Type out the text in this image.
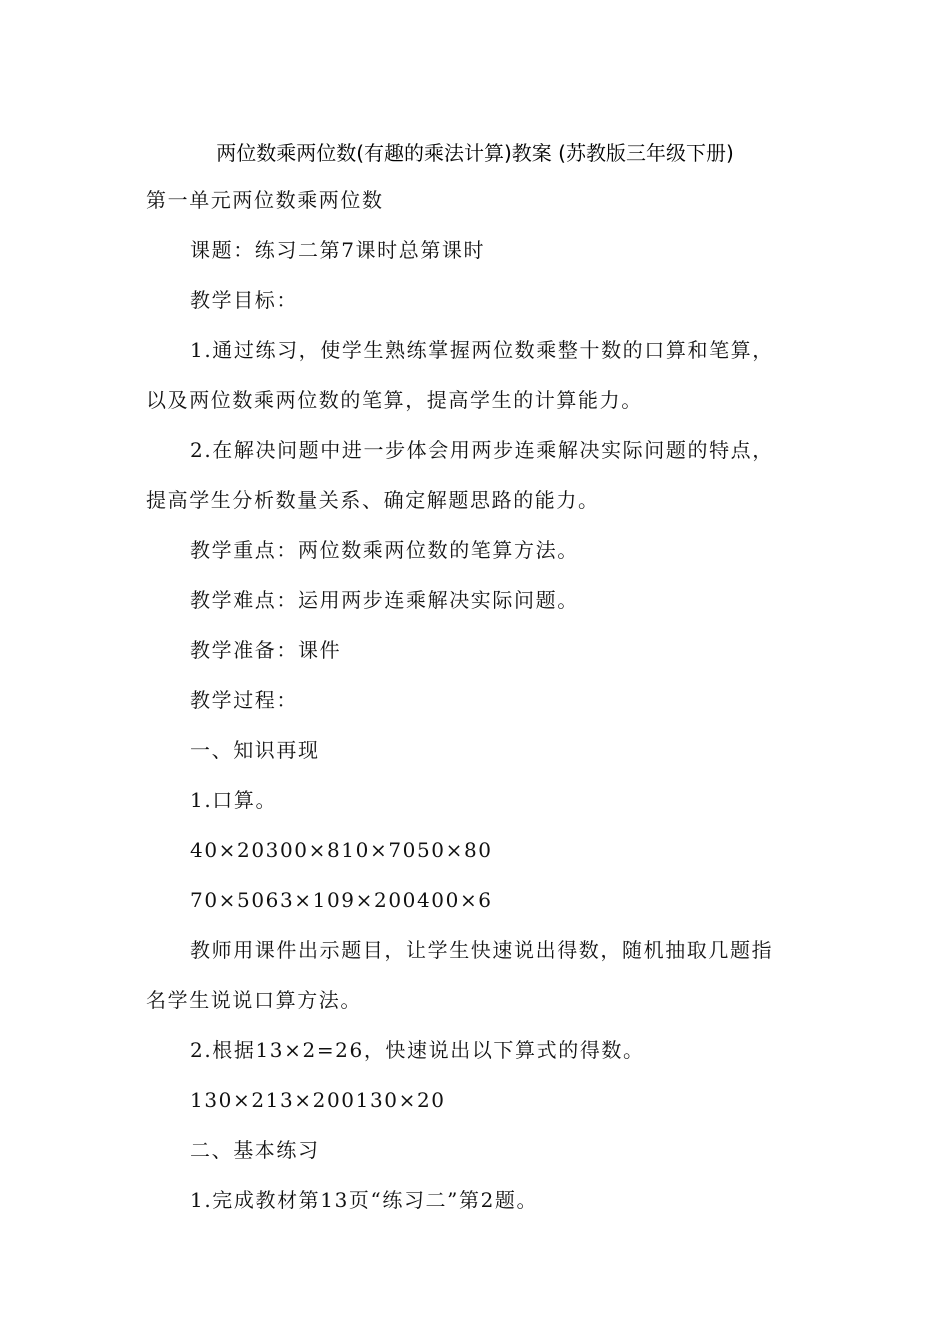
两位数乘两位数(有趣的乘法计算)教案 (苏教版三年级下册)
第一单元两位数乘两位数
课题：练习二第7课时总第课时
教学目标：
1.通过练习，使学生熟练掌握两位数乘整十数的口算和笔算，
以及两位数乘两位数的笔算，提高学生的计算能力。
2.在解决问题中进一步体会用两步连乘解决实际问题的特点，
提高学生分析数量关系、确定解题思路的能力。
教学重点：两位数乘两位数的笔算方法。
教学难点：运用两步连乘解决实际问题。
教学准备：课件
教学过程：
一、知识再现
1.口算。
40×20300×810×7050×80
70×5063×109×200400×6
教师用课件出示题目，让学生快速说出得数，随机抽取几题指
名学生说说口算方法。
2.根据13×2=26，快速说出以下算式的得数。
130×213×200130×20
二、基本练习
1.完成教材第13页“练习二”第2题。
